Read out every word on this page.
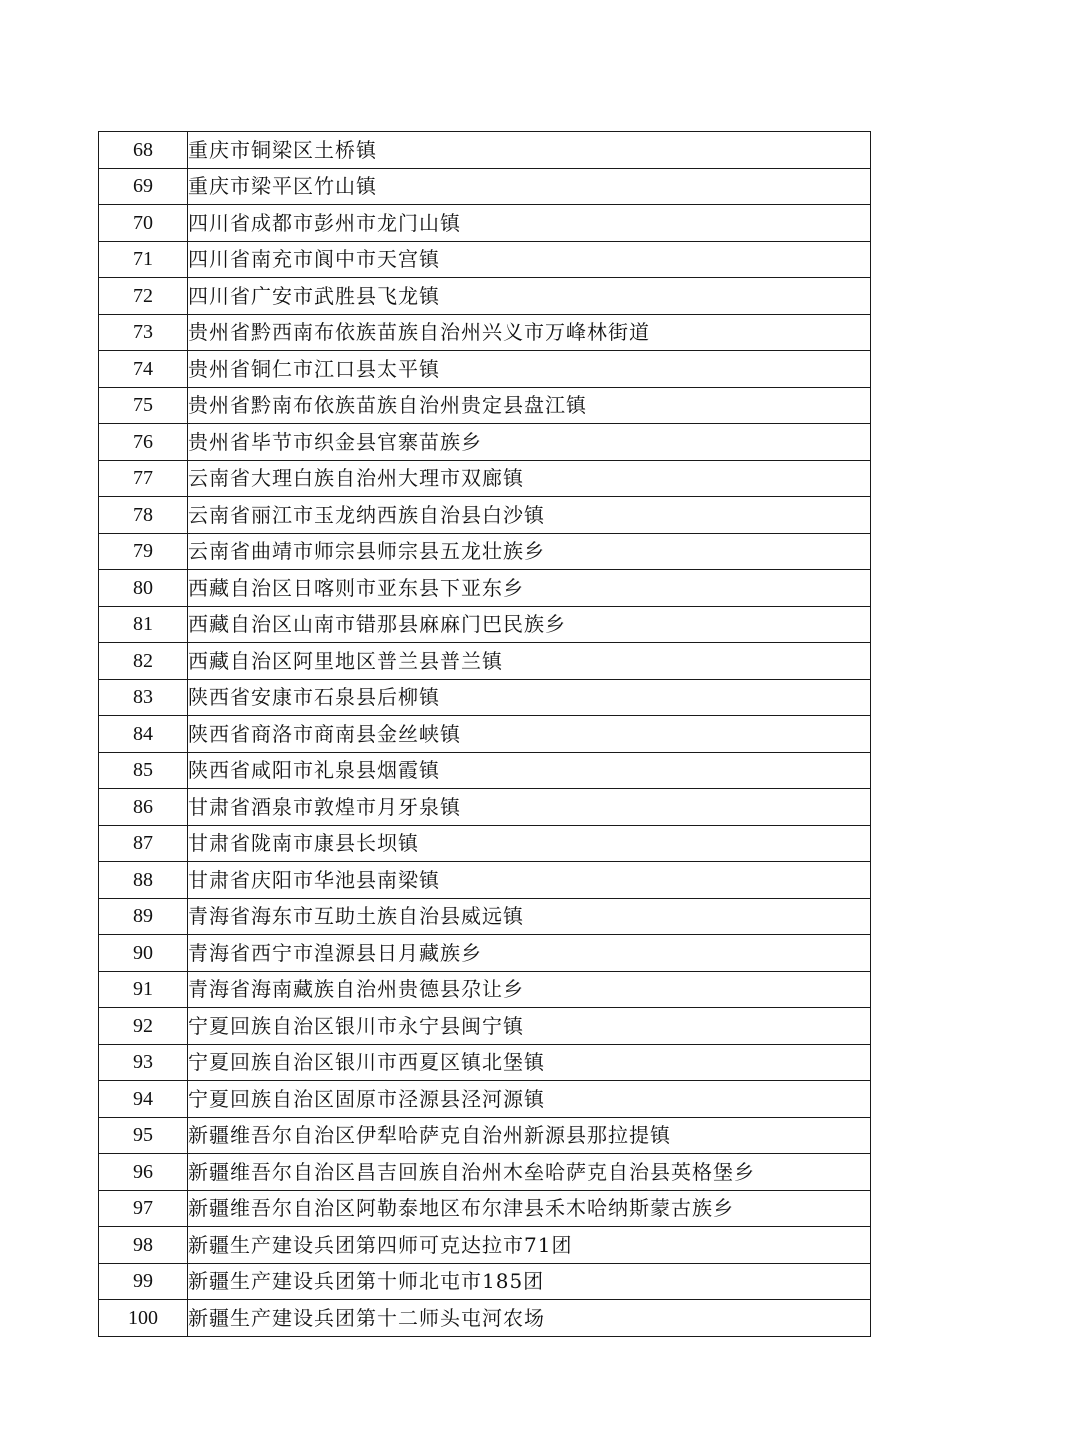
68	重庆市铜梁区土桥镇
69	重庆市梁平区竹山镇
70	四川省成都市彭州市龙门山镇
71	四川省南充市阆中市天宫镇
72	四川省广安市武胜县飞龙镇
73	贵州省黔西南布依族苗族自治州兴义市万峰林街道
74	贵州省铜仁市江口县太平镇
75	贵州省黔南布依族苗族自治州贵定县盘江镇
76	贵州省毕节市织金县官寨苗族乡
77	云南省大理白族自治州大理市双廊镇
78	云南省丽江市玉龙纳西族自治县白沙镇
79	云南省曲靖市师宗县师宗县五龙壮族乡
80	西藏自治区日喀则市亚东县下亚东乡
81	西藏自治区山南市错那县麻麻门巴民族乡
82	西藏自治区阿里地区普兰县普兰镇
83	陕西省安康市石泉县后柳镇
84	陕西省商洛市商南县金丝峡镇
85	陕西省咸阳市礼泉县烟霞镇
86	甘肃省酒泉市敦煌市月牙泉镇
87	甘肃省陇南市康县长坝镇
88	甘肃省庆阳市华池县南梁镇
89	青海省海东市互助土族自治县威远镇
90	青海省西宁市湟源县日月藏族乡
91	青海省海南藏族自治州贵德县尕让乡
92	宁夏回族自治区银川市永宁县闽宁镇
93	宁夏回族自治区银川市西夏区镇北堡镇
94	宁夏回族自治区固原市泾源县泾河源镇
95	新疆维吾尔自治区伊犁哈萨克自治州新源县那拉提镇
96	新疆维吾尔自治区昌吉回族自治州木垒哈萨克自治县英格堡乡
97	新疆维吾尔自治区阿勒泰地区布尔津县禾木哈纳斯蒙古族乡
98	新疆生产建设兵团第四师可克达拉市71团
99	新疆生产建设兵团第十师北屯市185团
100	新疆生产建设兵团第十二师头屯河农场
